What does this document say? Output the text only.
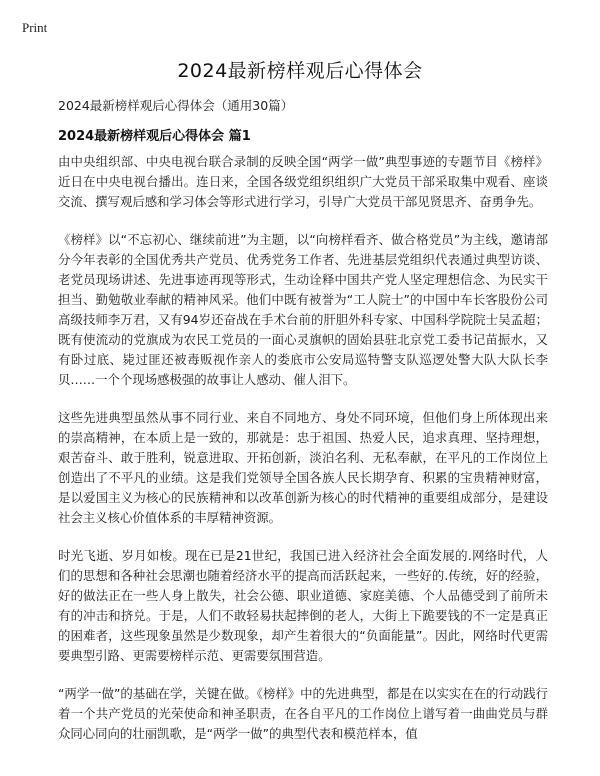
Print
2024最新榜样观后心得体会

2024最新榜样观后心得体会（通用30篇）

2024最新榜样观后心得体会 篇1

由中央组织部、中央电视台联合录制的反映全国“两学一做”典型事迹的专题节目《榜样》近日在中央电视台播出。连日来，全国各级党组织组织广大党员干部采取集中观看、座谈交流、撰写观后感和学习体会等形式进行学习，引导广大党员干部见贤思齐、奋勇争先。

《榜样》以“不忘初心、继续前进”为主题，以“向榜样看齐、做合格党员”为主线，邀请部分今年表彰的全国优秀共产党员、优秀党务工作者、先进基层党组织代表通过典型访谈、老党员现场讲述、先进事迹再现等形式，生动诠释中国共产党人坚定理想信念、为民实干担当、勤勉敬业奉献的精神风采。他们中既有被誉为“工人院士”的中国中车长客股份公司高级技师李万君，又有94岁还奋战在手术台前的肝胆外科专家、中国科学院院士吴孟超；既有使流动的党旗成为农民工党员的一面心灵旗帜的固始县驻北京党工委书记苗振水，又有卧过底、毙过匪还被毒贩视作亲人的娄底市公安局巡特警支队巡逻处警大队大队长李贝……一个个现场感极强的故事让人感动、催人泪下。

这些先进典型虽然从事不同行业、来自不同地方、身处不同环境，但他们身上所体现出来的崇高精神，在本质上是一致的，那就是：忠于祖国、热爱人民，追求真理、坚持理想，艰苦奋斗、敢于胜利，锐意进取、开拓创新，淡泊名利、无私奉献，在平凡的工作岗位上创造出了不平凡的业绩。这是我们党领导全国各族人民长期孕育、积累的宝贵精神财富，是以爱国主义为核心的民族精神和以改革创新为核心的时代精神的重要组成部分，是建设社会主义核心价值体系的丰厚精神资源。

时光飞逝、岁月如梭。现在已是21世纪，我国已进入经济社会全面发展的.网络时代，人们的思想和各种社会思潮也随着经济水平的提高而活跃起来，一些好的.传统，好的经验，好的做法正在一些人身上散失，社会公德、职业道德、家庭美德、个人品德受到了前所未有的冲击和挤兑。于是，人们不敢轻易扶起摔倒的老人，大街上下跪要钱的不一定是真正的困难者，这些现象虽然是少数现象，却产生着很大的“负面能量”。因此，网络时代更需要典型引路、更需要榜样示范、更需要氛围营造。

“两学一做”的基础在学，关键在做。《榜样》中的先进典型，都是在以实实在在的行动践行着一个共产党员的光荣使命和神圣职责，在各自平凡的工作岗位上谱写着一曲曲党员与群众同心同向的壮丽凯歌，是“两学一做”的典型代表和模范样本，值
